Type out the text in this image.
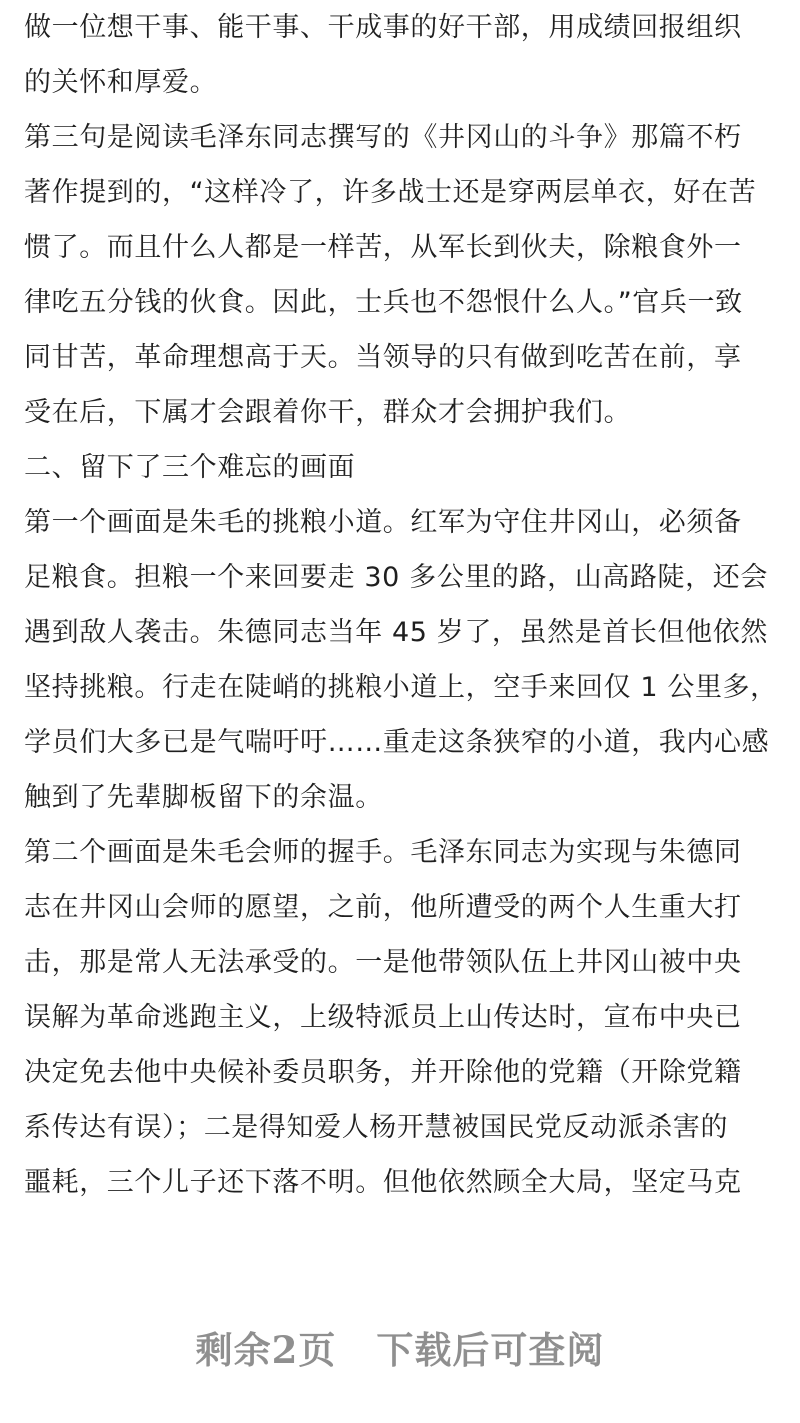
做一位想干事、能干事、干成事的好干部，用成绩回报组织
的关怀和厚爱。
第三句是阅读毛泽东同志撰写的《井冈山的斗争》那篇不朽
著作提到的，“这样冷了，许多战士还是穿两层单衣，好在苦
惯了。而且什么人都是一样苦，从军长到伙夫，除粮食外一
律吃五分钱的伙食。因此，士兵也不怨恨什么人。”官兵一致
同甘苦，革命理想高于天。当领导的只有做到吃苦在前，享
受在后，下属才会跟着你干，群众才会拥护我们。
二、留下了三个难忘的画面
第一个画面是朱毛的挑粮小道。红军为守住井冈山，必须备
足粮食。担粮一个来回要走 30 多公里的路，山高路陡，还会
遇到敌人袭击。朱德同志当年 45 岁了，虽然是首长但他依然
坚持挑粮。行走在陡峭的挑粮小道上，空手来回仅 1 公里多，
学员们大多已是气喘吁吁……重走这条狭窄的小道，我内心感
触到了先辈脚板留下的余温。
第二个画面是朱毛会师的握手。毛泽东同志为实现与朱德同
志在井冈山会师的愿望，之前，他所遭受的两个人生重大打
击，那是常人无法承受的。一是他带领队伍上井冈山被中央
误解为革命逃跑主义，上级特派员上山传达时，宣布中央已
决定免去他中央候补委员职务，并开除他的党籍（开除党籍
系传达有误）；二是得知爱人杨开慧被国民党反动派杀害的
噩耗，三个儿子还下落不明。但他依然顾全大局，坚定马克
剩余2页 下载后可查阅
